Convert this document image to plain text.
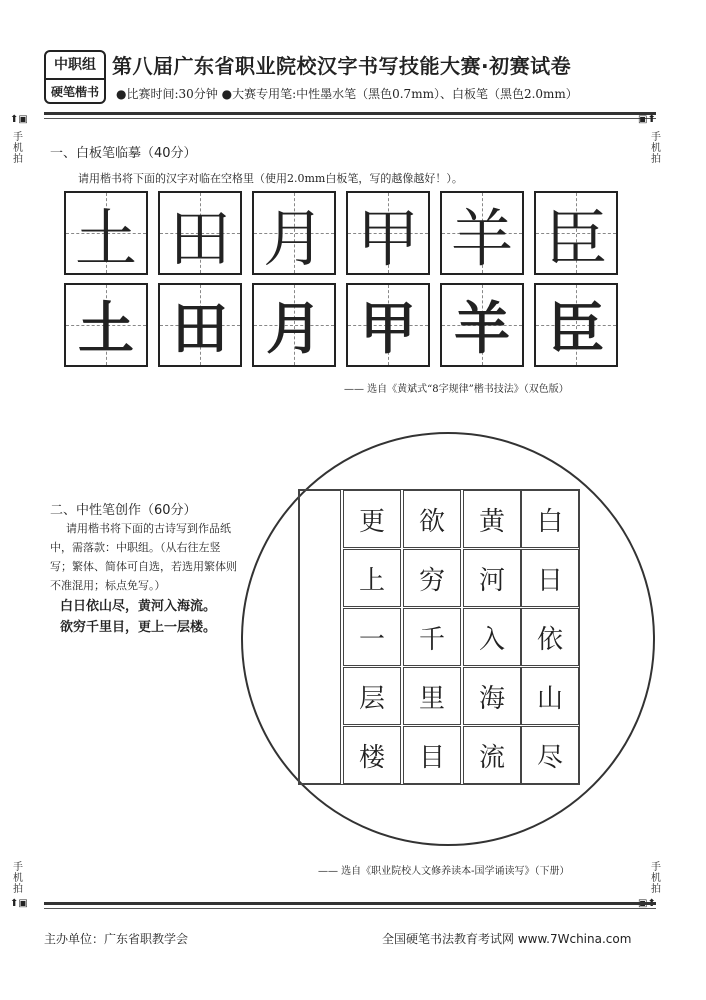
中职组
硬笔楷书
第八届广东省职业院校汉字书写技能大赛·初赛试卷
●比赛时间:30分钟 ●大赛专用笔:中性墨水笔（黑色0.7mm）、白板笔（黑色2.0mm）
⬆▣
手机拍
▣⬆
手机拍
一、白板笔临摹（40分）
请用楷书将下面的汉字对临在空格里（使用2.0mm白板笔，写的越像越好！）。
土 田 月 甲 羊 臣
土 田 月 甲 羊 臣
—— 选自《黄斌式“8字规律”楷书技法》（双色版）
二、中性笔创作（60分）
请用楷书将下面的古诗写到作品纸中，需落款：中职组。（从右往左竖写；繁体、简体可自选，若选用繁体则不准混用；标点免写。）
白日依山尽，黄河入海流。
欲穷千里目，更上一层楼。
更
上
一
层
楼
欲
穷
千
里
目
黄
河
入
海
流
白
日
依
山
尽
—— 选自《职业院校人文修养读本-国学诵读写》（下册）
手机拍
⬆▣
手机拍
▣⬆
主办单位：广东省职教学会	全国硬笔书法教育考试网 www.7Wchina.com
